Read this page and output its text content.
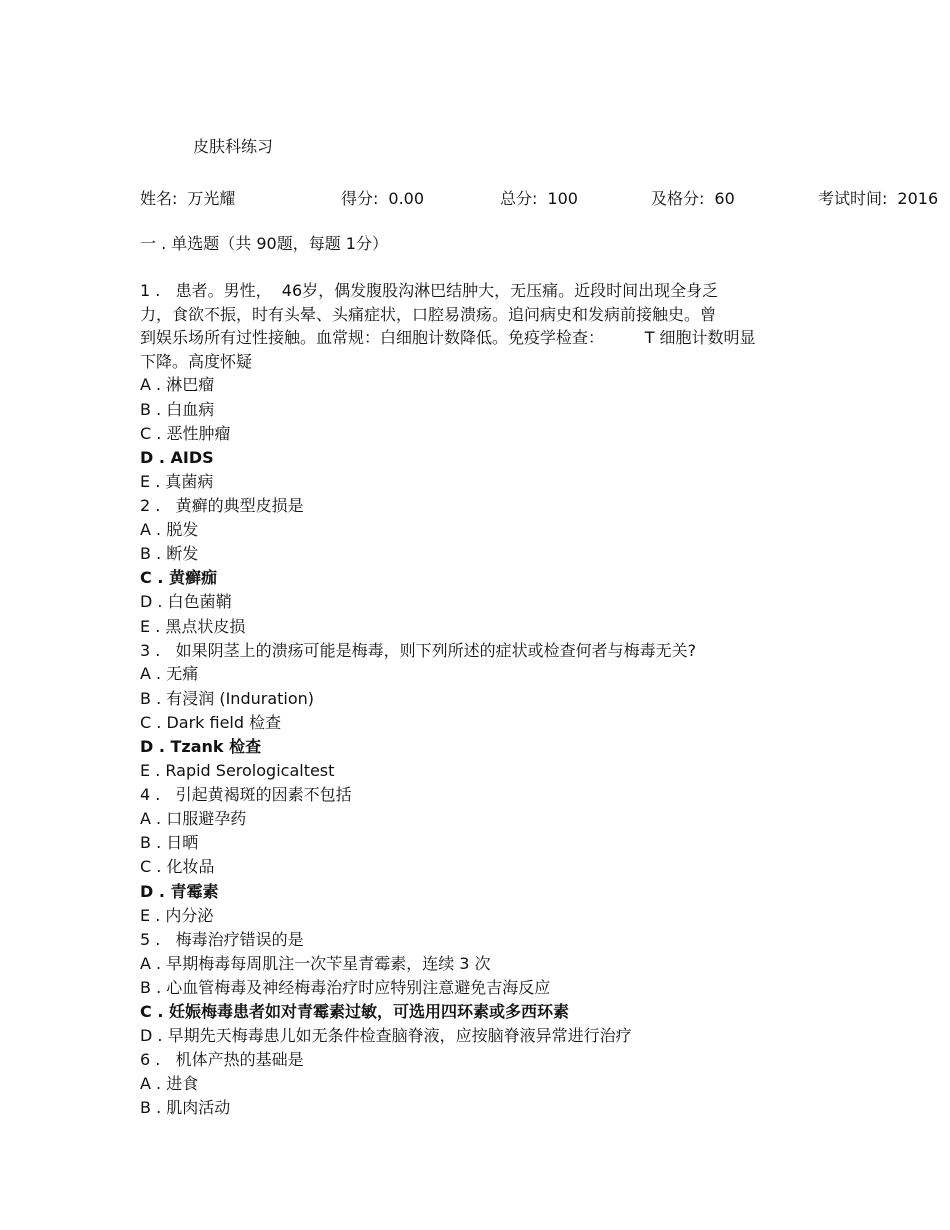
皮肤科练习
姓名: 万光耀	得分: 0.00	总分: 100	及格分: 60	考试时间: 2016
一 . 单选题（共 90题，每题 1分）
1 . 患者。男性，  46岁，偶发腹股沟淋巴结肿大，无压痛。近段时间出现全身乏
力，食欲不振，时有头晕、头痛症状，口腔易溃疡。追问病史和发病前接触史。曾
到娱乐场所有过性接触。血常规：白细胞计数降低。免疫学检查：        T 细胞计数明显
下降。高度怀疑
A . 淋巴瘤
B . 白血病
C . 恶性肿瘤
D . AIDS
E . 真菌病
2 . 黄癣的典型皮损是
A . 脱发
B . 断发
C . 黄癣痂
D . 白色菌鞘
E . 黑点状皮损
3 . 如果阴茎上的溃疡可能是梅毒，则下列所述的症状或检查何者与梅毒无关?
A . 无痛
B . 有浸润 (Induration)
C . Dark field 检查
D . Tzank 检查
E . Rapid Serologicaltest
4 . 引起黄褐斑的因素不包括
A . 口服避孕药
B . 日晒
C . 化妆品
D . 青霉素
E . 内分泌
5 . 梅毒治疗错误的是
A . 早期梅毒每周肌注一次苄星青霉素，连续 3 次
B . 心血管梅毒及神经梅毒治疗时应特别注意避免吉海反应
C . 妊娠梅毒患者如对青霉素过敏，可选用四环素或多西环素
D . 早期先天梅毒患儿如无条件检查脑脊液，应按脑脊液异常进行治疗
6 . 机体产热的基础是
A . 进食
B . 肌肉活动
